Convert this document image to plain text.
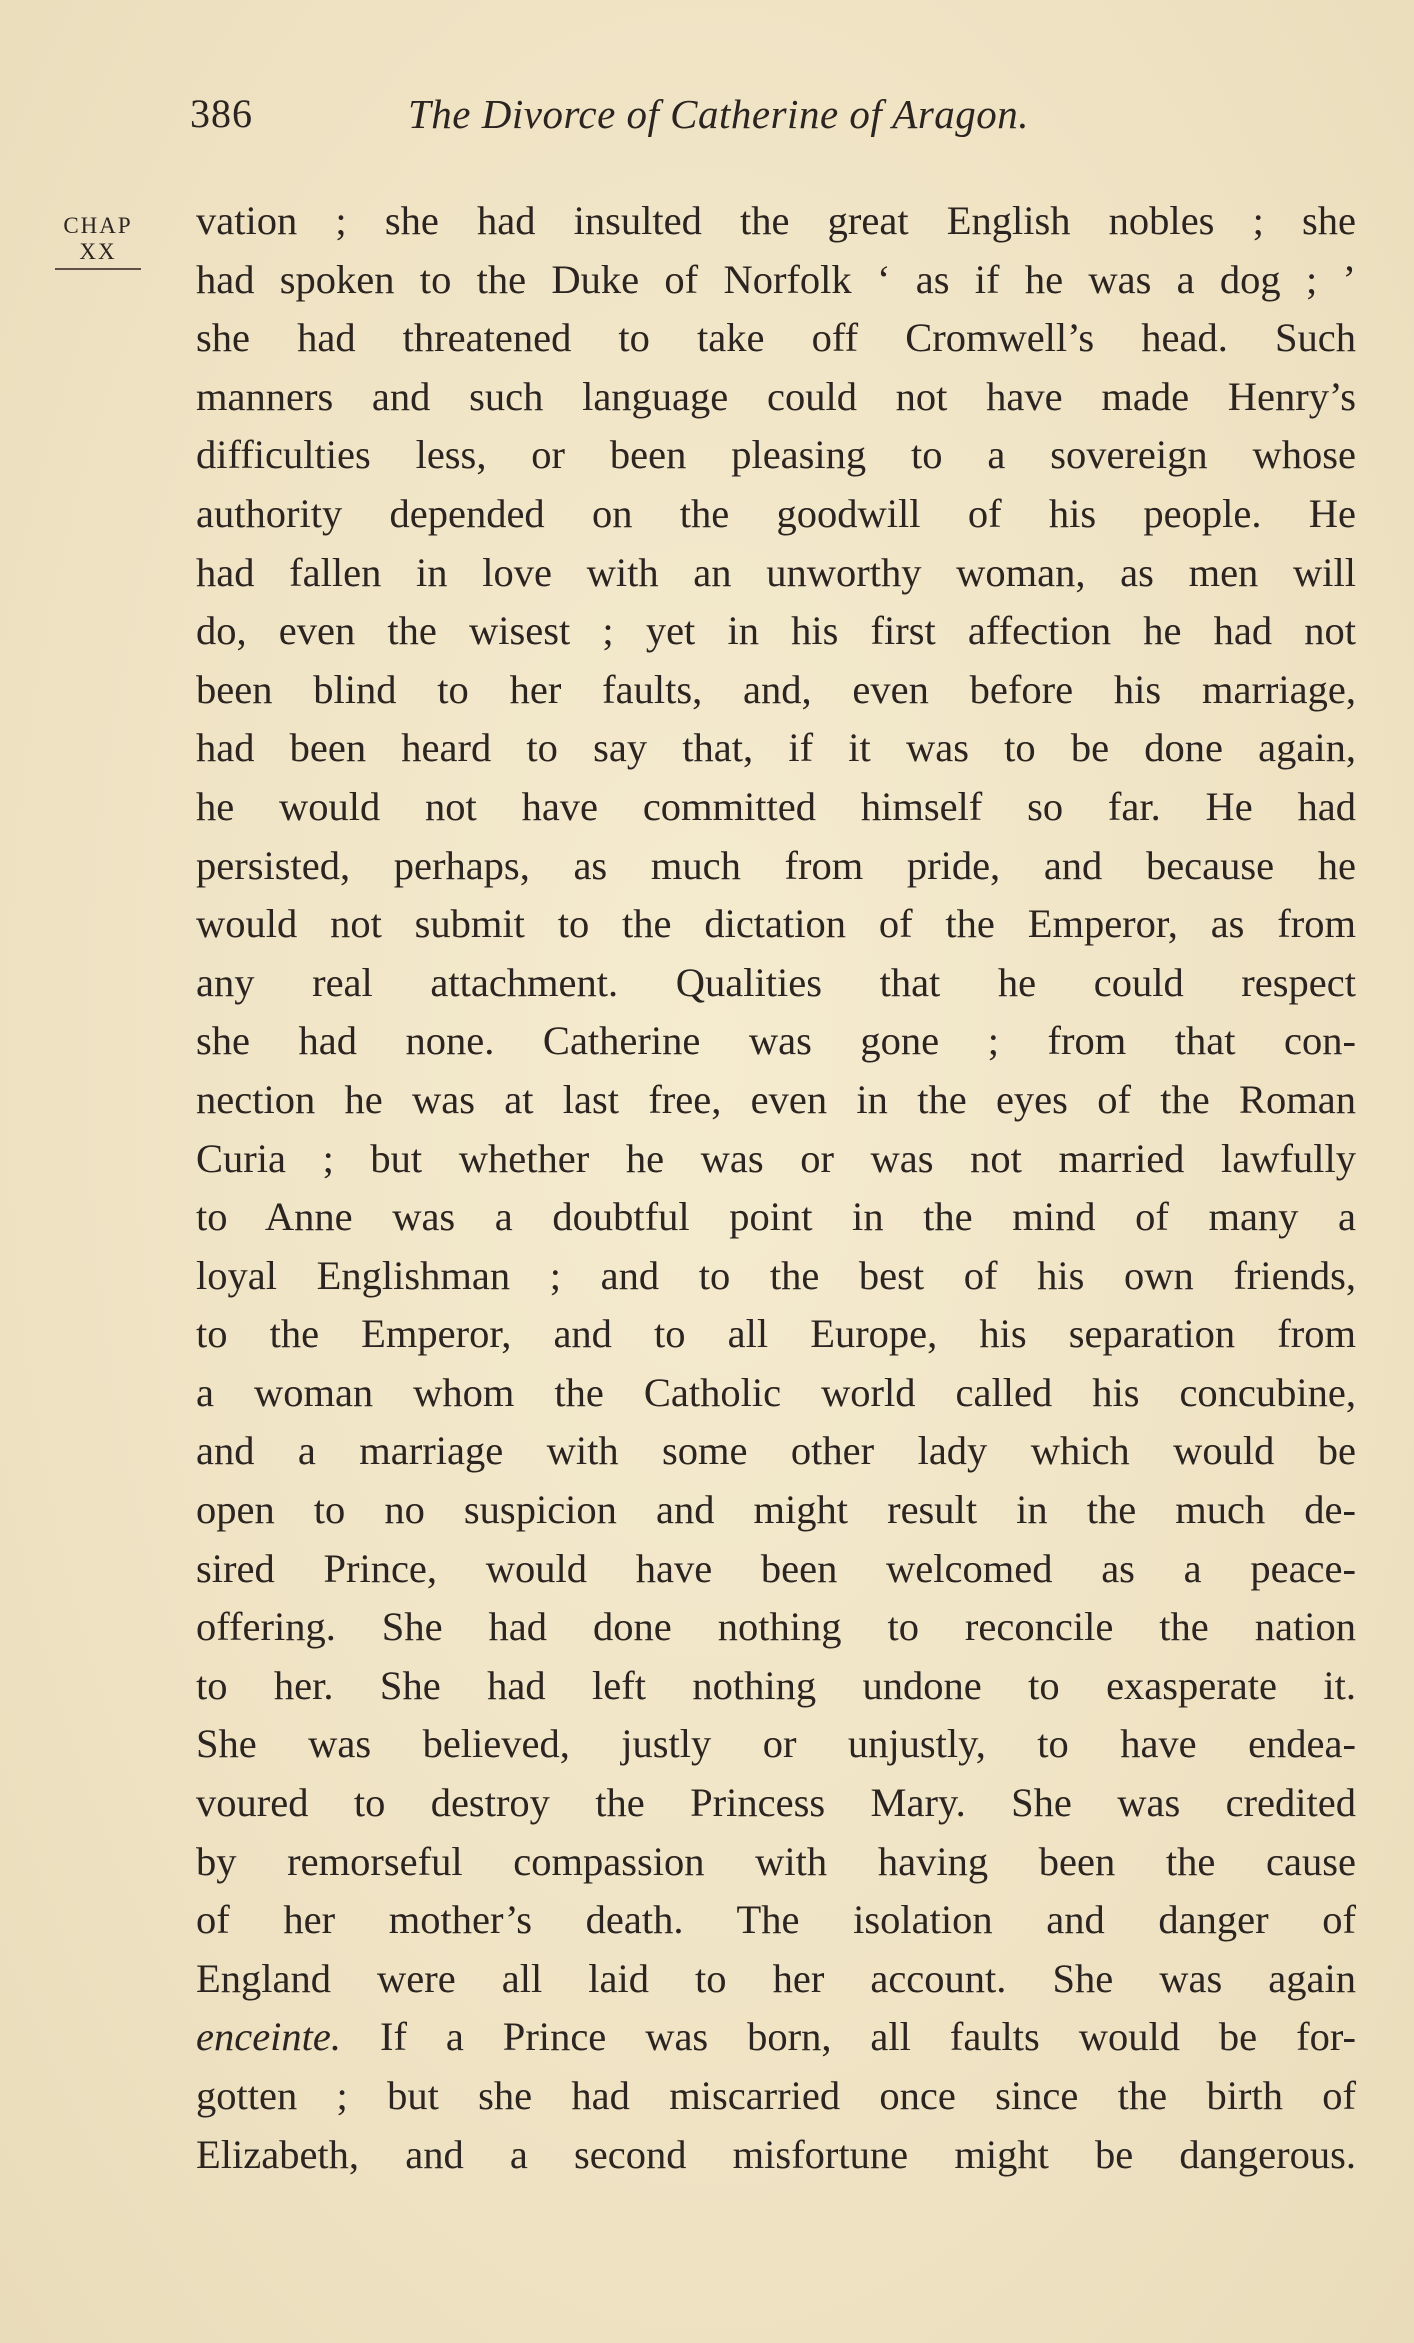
386	The Divorce of Catherine of Aragon.
CHAP
XX
vation ; she had insulted the great English nobles ; she
had spoken to the Duke of Norfolk ‘ as if he was a dog ; ’
she had threatened to take off Cromwell’s head. Such
manners and such language could not have made Henry’s
difficulties less, or been pleasing to a sovereign whose
authority depended on the goodwill of his people. He
had fallen in love with an unworthy woman, as men will
do, even the wisest ; yet in his first affection he had not
been blind to her faults, and, even before his marriage,
had been heard to say that, if it was to be done again,
he would not have committed himself so far. He had
persisted, perhaps, as much from pride, and because he
would not submit to the dictation of the Emperor, as from
any real attachment. Qualities that he could respect
she had none. Catherine was gone ; from that con-
nection he was at last free, even in the eyes of the Roman
Curia ; but whether he was or was not married lawfully
to Anne was a doubtful point in the mind of many a
loyal Englishman ; and to the best of his own friends,
to the Emperor, and to all Europe, his separation from
a woman whom the Catholic world called his concubine,
and a marriage with some other lady which would be
open to no suspicion and might result in the much de-
sired Prince, would have been welcomed as a peace-
offering. She had done nothing to reconcile the nation
to her. She had left nothing undone to exasperate it.
She was believed, justly or unjustly, to have endea-
voured to destroy the Princess Mary. She was credited
by remorseful compassion with having been the cause
of her mother’s death. The isolation and danger of
England were all laid to her account. She was again
enceinte. If a Prince was born, all faults would be for-
gotten ; but she had miscarried once since the birth of
Elizabeth, and a second misfortune might be dangerous.
